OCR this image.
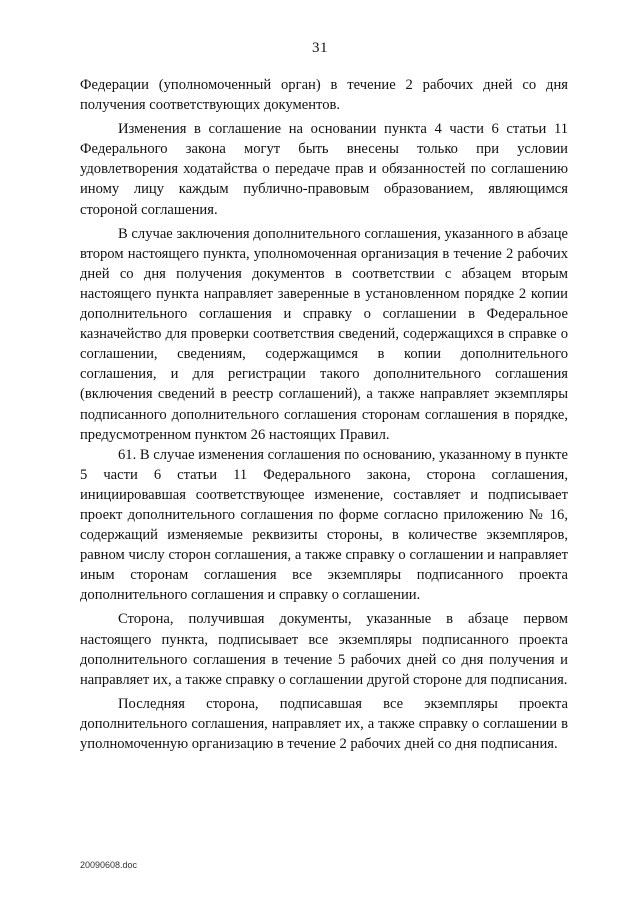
31

Федерации (уполномоченный орган) в течение 2 рабочих дней со дня получения соответствующих документов.

Изменения в соглашение на основании пункта 4 части 6 статьи 11 Федерального закона могут быть внесены только при условии удовлетворения ходатайства о передаче прав и обязанностей по соглашению иному лицу каждым публично-правовым образованием, являющимся стороной соглашения.

В случае заключения дополнительного соглашения, указанного в абзаце втором настоящего пункта, уполномоченная организация в течение 2 рабочих дней со дня получения документов в соответствии с абзацем вторым настоящего пункта направляет заверенные в установленном порядке 2 копии дополнительного соглашения и справку о соглашении в Федеральное казначейство для проверки соответствия сведений, содержащихся в справке о соглашении, сведениям, содержащимся в копии дополнительного соглашения, и для регистрации такого дополнительного соглашения (включения сведений в реестр соглашений), а также направляет экземпляры подписанного дополнительного соглашения сторонам соглашения в порядке, предусмотренном пунктом 26 настоящих Правил.

61. В случае изменения соглашения по основанию, указанному в пункте 5 части 6 статьи 11 Федерального закона, сторона соглашения, инициировавшая соответствующее изменение, составляет и подписывает проект дополнительного соглашения по форме согласно приложению № 16, содержащий изменяемые реквизиты стороны, в количестве экземпляров, равном числу сторон соглашения, а также справку о соглашении и направляет иным сторонам соглашения все экземпляры подписанного проекта дополнительного соглашения и справку о соглашении.

Сторона, получившая документы, указанные в абзаце первом настоящего пункта, подписывает все экземпляры подписанного проекта дополнительного соглашения в течение 5 рабочих дней со дня получения и направляет их, а также справку о соглашении другой стороне для подписания.

Последняя сторона, подписавшая все экземпляры проекта дополнительного соглашения, направляет их, а также справку о соглашении в уполномоченную организацию в течение 2 рабочих дней со дня подписания.

20090608.doc
